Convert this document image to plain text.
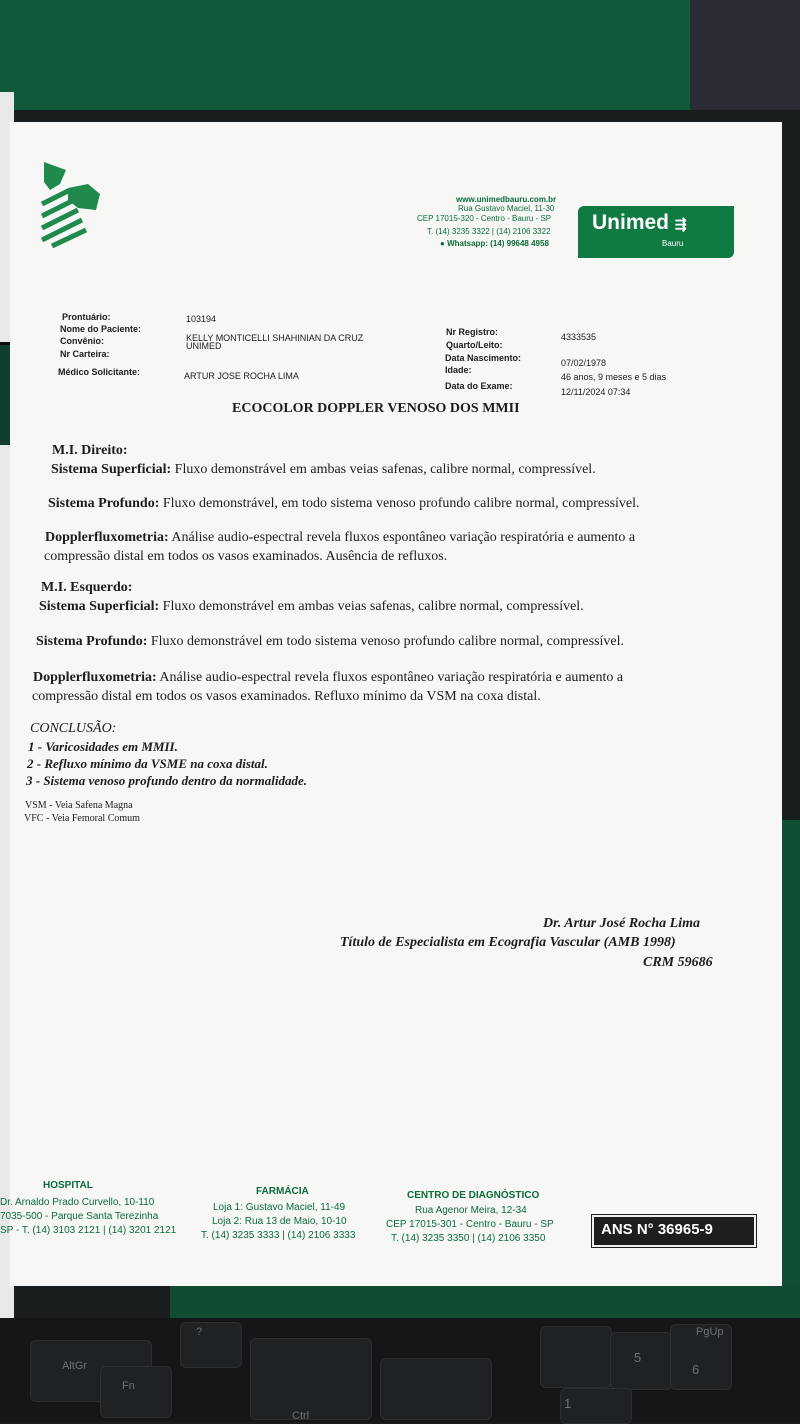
AltGr
Fn
?
Ctrl
5
PgUp
6
1
www.unimedbauru.com.br
Rua Gustavo Maciel, 11-30
CEP 17015-320 - Centro - Bauru - SP
T. (14) 3235 3322 | (14) 2106 3322
● Whatsapp: (14) 99648 4958
Unimed ⇶
Bauru
Prontuário:	103194
Nome do Paciente:
KELLY MONTICELLI SHAHINIAN DA CRUZ
Convênio:	UNIMED
Nr Carteira:
Médico Solicitante:	ARTUR JOSE ROCHA LIMA
Nr Registro:	4333535
Quarto/Leito:
Data Nascimento:	07/02/1978
Idade:
46 anos, 9 meses e 5 dias
Data do Exame:
12/11/2024 07:34
ECOCOLOR DOPPLER VENOSO DOS MMII
M.I. Direito:
Sistema Superficial: Fluxo demonstrável em ambas veias safenas, calibre normal, compressível.
Sistema Profundo: Fluxo demonstrável, em todo sistema venoso profundo calibre normal, compressível.
Dopplerfluxometria: Análise audio-espectral revela fluxos espontâneo variação respiratória e aumento a
compressão distal em todos os vasos examinados. Ausência de refluxos.
M.I. Esquerdo:
Sistema Superficial: Fluxo demonstrável em ambas veias safenas, calibre normal, compressível.
Sistema Profundo: Fluxo demonstrável em todo sistema venoso profundo calibre normal, compressível.
Dopplerfluxometria: Análise audio-espectral revela fluxos espontâneo variação respiratória e aumento a
compressão distal em todos os vasos examinados. Refluxo mínimo da VSM na coxa distal.
CONCLUSÃO:
1 - Varicosidades em MMII.
2 - Refluxo mínimo da VSME na coxa distal.
3 - Sistema venoso profundo dentro da normalidade.
VSM - Veia Safena Magna
VFC - Veia Femoral Comum
Dr. Artur José Rocha Lima
Título de Especialista em Ecografia Vascular (AMB 1998)
CRM 59686
HOSPITAL
Dr. Arnaldo Prado Curvello, 10-110
7035-500 - Parque Santa Terezinha
SP - T. (14) 3103 2121 | (14) 3201 2121
FARMÁCIA
Loja 1: Gustavo Maciel, 11-49
Loja 2: Rua 13 de Maio, 10-10
T. (14) 3235 3333 | (14) 2106 3333
CENTRO DE DIAGNÓSTICO
Rua Agenor Meira, 12-34
CEP 17015-301 - Centro - Bauru - SP
T. (14) 3235 3350 | (14) 2106 3350
ANS N° 36965-9
